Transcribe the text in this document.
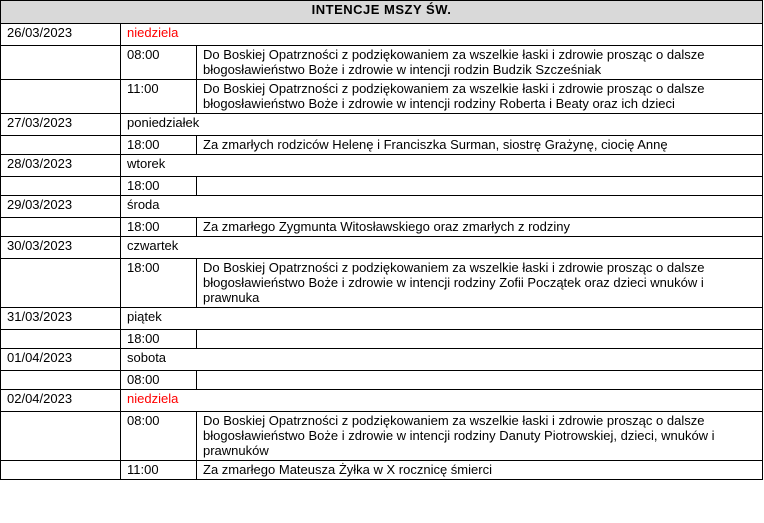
INTENCJE MSZY ŚW.		
26/03/2023	niedziela	
	08:00	Do Boskiej Opatrzności z podziękowaniem za wszelkie łaski i zdrowie prosząc o dalsze błogosławieństwo Boże i zdrowie w intencji rodzin Budzik Szcześniak
	11:00	Do Boskiej Opatrzności z podziękowaniem za wszelkie łaski i zdrowie prosząc o dalsze błogosławieństwo Boże i zdrowie w intencji rodziny Roberta i Beaty oraz ich dzieci
27/03/2023	poniedziałek	
	18:00	Za zmarłych rodziców Helenę i Franciszka Surman, siostrę Grażynę, ciocię Annę
28/03/2023	wtorek	
	18:00	
29/03/2023	środa	
	18:00	Za zmarłego Zygmunta Witosławskiego oraz zmarłych z rodziny
30/03/2023	czwartek	
	18:00	Do Boskiej Opatrzności z podziękowaniem za wszelkie łaski i zdrowie prosząc o dalsze błogosławieństwo Boże i zdrowie w intencji rodziny Zofii Początek oraz dzieci wnuków i prawnuka
31/03/2023	piątek	
	18:00	
01/04/2023	sobota	
	08:00	
02/04/2023	niedziela	
	08:00	Do Boskiej Opatrzności z podziękowaniem za wszelkie łaski i zdrowie prosząc o dalsze błogosławieństwo Boże i zdrowie w intencji rodziny Danuty Piotrowskiej, dzieci, wnuków i prawnuków
	11:00	Za zmarłego Mateusza Żyłka w X rocznicę śmierci
